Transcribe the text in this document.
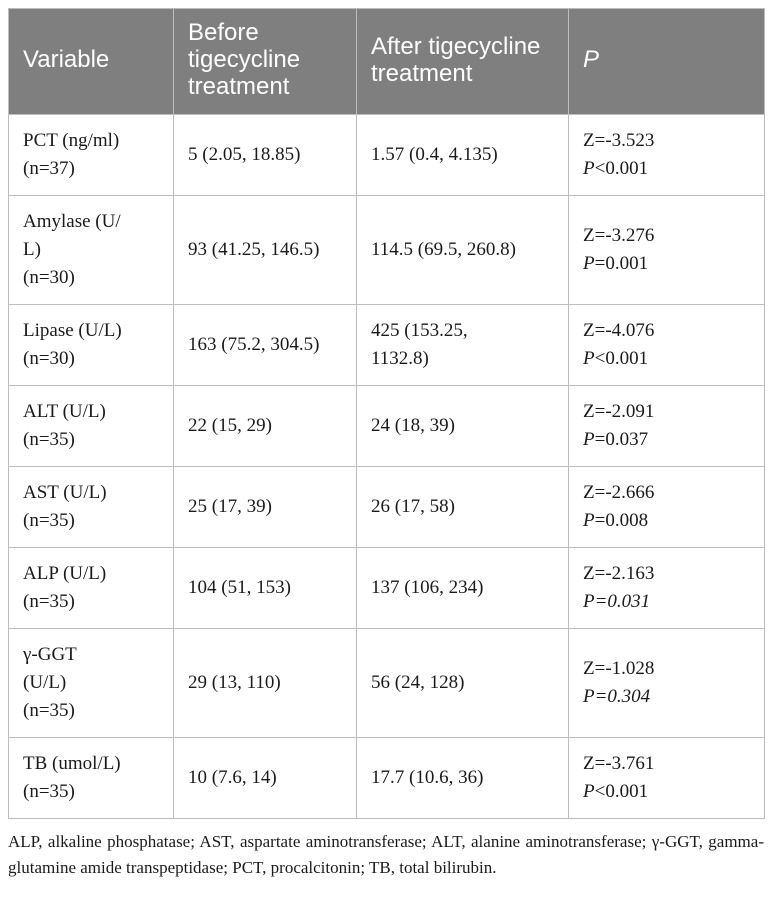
Variable	Before tigecycline treatment	After tigecycline treatment	P

PCT (ng/ml)
(n=37)	5 (2.05, 18.85)	1.57 (0.4, 4.135)	Z=-3.523
P<0.001

Amylase (U/
L)
(n=30)	93 (41.25, 146.5)	114.5 (69.5, 260.8)	Z=-3.276
P=0.001

Lipase (U/L)
(n=30)	163 (75.2, 304.5)	425 (153.25,
1132.8)	Z=-4.076
P<0.001

ALT (U/L)
(n=35)	22 (15, 29)	24 (18, 39)	Z=-2.091
P=0.037

AST (U/L)
(n=35)	25 (17, 39)	26 (17, 58)	Z=-2.666
P=0.008

ALP (U/L)
(n=35)	104 (51, 153)	137 (106, 234)	Z=-2.163
P=0.031

γ-GGT
(U/L)
(n=35)	29 (13, 110)	56 (24, 128)	Z=-1.028
P=0.304

TB (umol/L)
(n=35)	10 (7.6, 14)	17.7 (10.6, 36)	Z=-3.761
P<0.001
ALP, alkaline phosphatase; AST, aspartate aminotransferase; ALT, alanine aminotransferase; γ-GGT, gamma-glutamine amide transpeptidase; PCT, procalcitonin; TB, total bilirubin.
